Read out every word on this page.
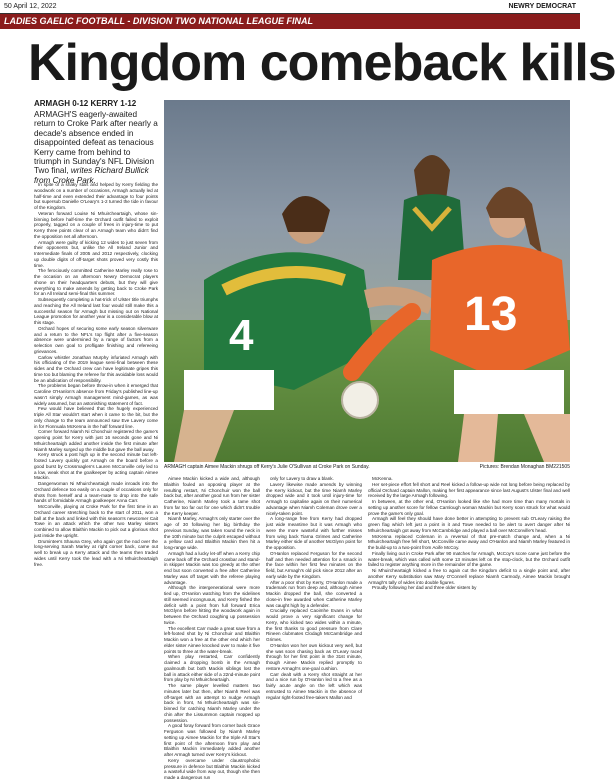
50 April 12, 2022	NEWRY DEMOCRAT
LADIES GAELIC FOOTBALL - DIVISION TWO NATIONAL LEAGUE FINAL
Kingdom comeback kills
ARMAGH 0-12 KERRY 1-12
ARMAGH'S eagerly-awaited return to Croke Park after nearly a decade's absence ended in disappointed defeat as tenacious Kerry came from behind to triumph in Sunday's NFL Division Two final, writes Richard Bullick from Croke Park.

In spite of a shaky start and helped by Kerry fielding the woodwork on a number of occasions, Armagh actually led at half-time and even extended their advantage to four points but supersub Danielle O'Leary's 1-2 turned the tide in favour of the Kingdom.

Veteran forward Louise Ni Mhuircheartaigh, whose sin-binning before half-time the Orchard outfit failed to exploit properly, tagged on a couple of frees in injury-time to put Kerry three points clear of an Armagh team who didn't find the opposition net all afternoon.

Armagh were guilty of kicking 12 wides to just seven from their opponents but, unlike the All Ireland Junior and Intermediate finals of 2005 and 2012 respectively, clocking up double digits of off-target shots proved very costly this time.

The ferociously committed Catherine Marley really rose to the occasion on an afternoon Newry Democrat players shone on their headquarters debuts, but they will give everything to make amends by getting back to Croke Park for an All Ireland semi-final this summer.

Subsequently completing a hat-trick of Ulster title triumphs and reaching the All Ireland last four would still make this a successful season for Armagh but missing out on National League promotion for another year is a considerable blow at this stage.

Orchard hopes of securing some early season silverware and a return to the NFL's top flight after a five-season absence were undermined by a range of factors from a selection own goal to profligate finishing and refereeing grievances.

Carlow whistler Jonathan Murphy infuriated Armagh with his officiating of the 2019 league semi-final between these sides and the Orchard crew can have legitimate gripes this time too but blaming the referee for this avoidable loss would be an abdication of responsibility.

The problems began before throw-in when it emerged that Caroline O'Hanlon's absence from Friday's published line-up wasn't simply Armagh management mind-games, as was widely assumed, but an astonishing statement of fact.

Few would have believed that the hugely experienced triple All Star wouldn't start when it came to the bit, but the only change to the team announced saw Eve Lavery come in for Fionnuala McKenna in the half forward line.

Corner forward Niamh Ni Chonchuir registered the game's opening point for Kerry with just 16 seconds gone and Ni Mhuircheartaigh added another inside the first minute after Niamh Marley surged up the middle but gave the ball away.

Kerry struck a post high up in the second minute but left-footed Lavery quickly got Armagh on the board before a good burst by Crossmaglen's Lauren McConville only led to a low, weak shot at the goalkeeper by acting captain Aimee Mackin.

Dangerwoman Ni Mhuircheartaigh made inroads into the Orchard defence too easily on a couple of occasions only for shots from herself and a team-mate to drop into the safe hands of formidable Armagh goalkeeper Anna Carr.

McConville, playing at Croke Park for the first time in an Orchard career stretching back to the start of 2011, won a ball at the back and linked with this season's newcomer Cait Towe in an attack which the other two Marley sisters combined to allow Blaithin Mackin to pick out a glorious shot just inside the upright.

Drumintee's Shauna Grey, who again got the nod over the long-serving Sarah Marley at right corner back, came out well to break up a Kerry attack and the teams then traded wides until Kerry took the lead with a Ni Mhuircheartaigh free.

4	13
ARMAGH captain Aimee Mackin shrugs off Kerry's Julie O'Sullivan at Croke Park on Sunday.	Pictures: Brendan Monaghan BM221505

Aimee Mackin kicked a wide and, although Blaithin fouled an opposing player at the resulting restart, Ni Chonchuir won the ball back but, after another good run from her sister Catherine, Niamh Marley took a tame shot from far too far out for one which didn't trouble the Kerry keeper.

Niamh Marley, Armagh's only starter over the age of 30 following her big birthday the previous Sunday, was taken round the neck in the 10th minute but the culprit escaped without a yellow card and Blaithin Mackin then hit a long-range wide.

Armagh had a lucky let-off when a Kerry chip came back off the Orchard crossbar and stand-in skipper Mackin was too greedy at the other end but soon converted a free after Catherine Marley was off target with the referee playing advantage.

Although the intergenerational were more tied up, O'Hanlon watching from the sidelines still seemed incongruous, and Kerry fished the deficit with a point from full forward Erica McGlynn before hitting the woodwork again in between the Orchard coughing up possession twice.

The excellent Carr made a great save from a left-footed shot by Ni Chonchuir and Blaithin Mackin won a free at the other end which her elder sister Aimee knocked over to make it five points to three at the water-break.

When play restarted, Carr confidently claimed a dropping bomb in the Armagh goalmouth but both Mackin siblings lost the ball in attack either side of a 22nd-minute point from play by Ni Mhuircheartaigh.

The same player levelled matters two minutes later but then, after Niamh Reel was off-target with an attempt to nudge Armagh back in front, Ni Mhuircheartaigh was sin-binned for catching Niamh Marley under the chin after the Lissummon captain mopped up possession.

A good foray forward from corner back Grace Ferguson was followed by Niamh Marley setting up Aimee Mackin for the triple All Star's first point of the afternoon from play and Blaithin Mackin immediately added another after Armagh turned over Kerry's kickout.

Kerry overcame under claustrophobic pressure in defence but Blaithin Mackin kicked a wasteful wide from way out, though she then made a dangerous run

only for Lavery to draw a blank.

Lavery likewise made amends by winning the Kerry kickout, but the time Niamh Marley dropped wide and it took until injury-time for Armagh to capitalise again on their numerical advantage when Niamh Coleman drove over a nicely-taken point.

A long-range free from Kerry had dropped just wide meantime but it was Armagh who were the more wasteful with further misses from wing back Tiarna Grimes and Catherine Marley either side of another McGlynn point for the opposition.

O'Hanlon replaced Ferguson for the second half and then needed attention for a smack in the face within her first few minutes on the field, but Armagh's old pick since 2012 after an early wide by the Kingdom.

After a poor shot by Kerry, O'Hanlon made a trademark run from deep and, although Aimee Mackin dropped the ball, she converted a close-in free awarded when Catherine Marley was caught high by a defender.

Crucially replaced Caoimhe Evans in what would prove a very significant change for Kerry, who kicked two wides within a minute, the first thanks to good pressure from Clare Rineen clubmates Clodagh McCambridge and Grimes.

O'Hanlon won her own kickout very well, but she was soon chasing back as O'Leary raced through for her first point in the 31st minute, though Aimee Mackin replied promptly to restore Armagh's one-goal cushion.

Carr dealt with a Kerry shot straight at her and a nice run by O'Hanlon led to a free as a fairly acute angle on the left which was entrusted to Aimee Mackin in the absence of regular right-footed free-takers Mallon and

McKenna.

Her set-piece effort fell short and Reel kicked a follow-up wide not long before being replaced by official Orchard captain Mallon, making her first appearance since last August's Ulster final and well received by the large Armagh following.

In between, at the other end, O'Hanlon looked like she had more time than many mortals in setting up another score for fellow Carnlough woman Mackin but Kerry soon struck for what would prove the game's only goal.

Armagh will feel they should have done better in attempting to prevent sub O'Leary raising the green flag which left just a point in it and Towe needed to be alert to avert danger after Ni Mhuircheartaigh got away from McCambridge and played a ball over McConville's head.

McKenna replaced Coleman in a reversal of that pre-match change and, when a Ni Mhuircheartaigh free fell short, McConville came away and O'Hanlon and Niamh Marley featured in the build-up to a two-point from Aoife McCoy.

Finally living out in Croke Park after 90 matches for Armagh, McCoy's score came just before the water-break, which was called with some 13 minutes left on the stop-clock, but the Orchard outfit failed to register anything more in the remainder of the game.

Ni Mhuircheartaigh kicked a free to again cut the Kingdom deficit to a single point and, after another Kerry substitution saw Mary O'Connell replace Niamh Carmody, Aimee Mackin brought Armagh's tally of wides into double figures.

Proudly following her dad and three older sisters by
